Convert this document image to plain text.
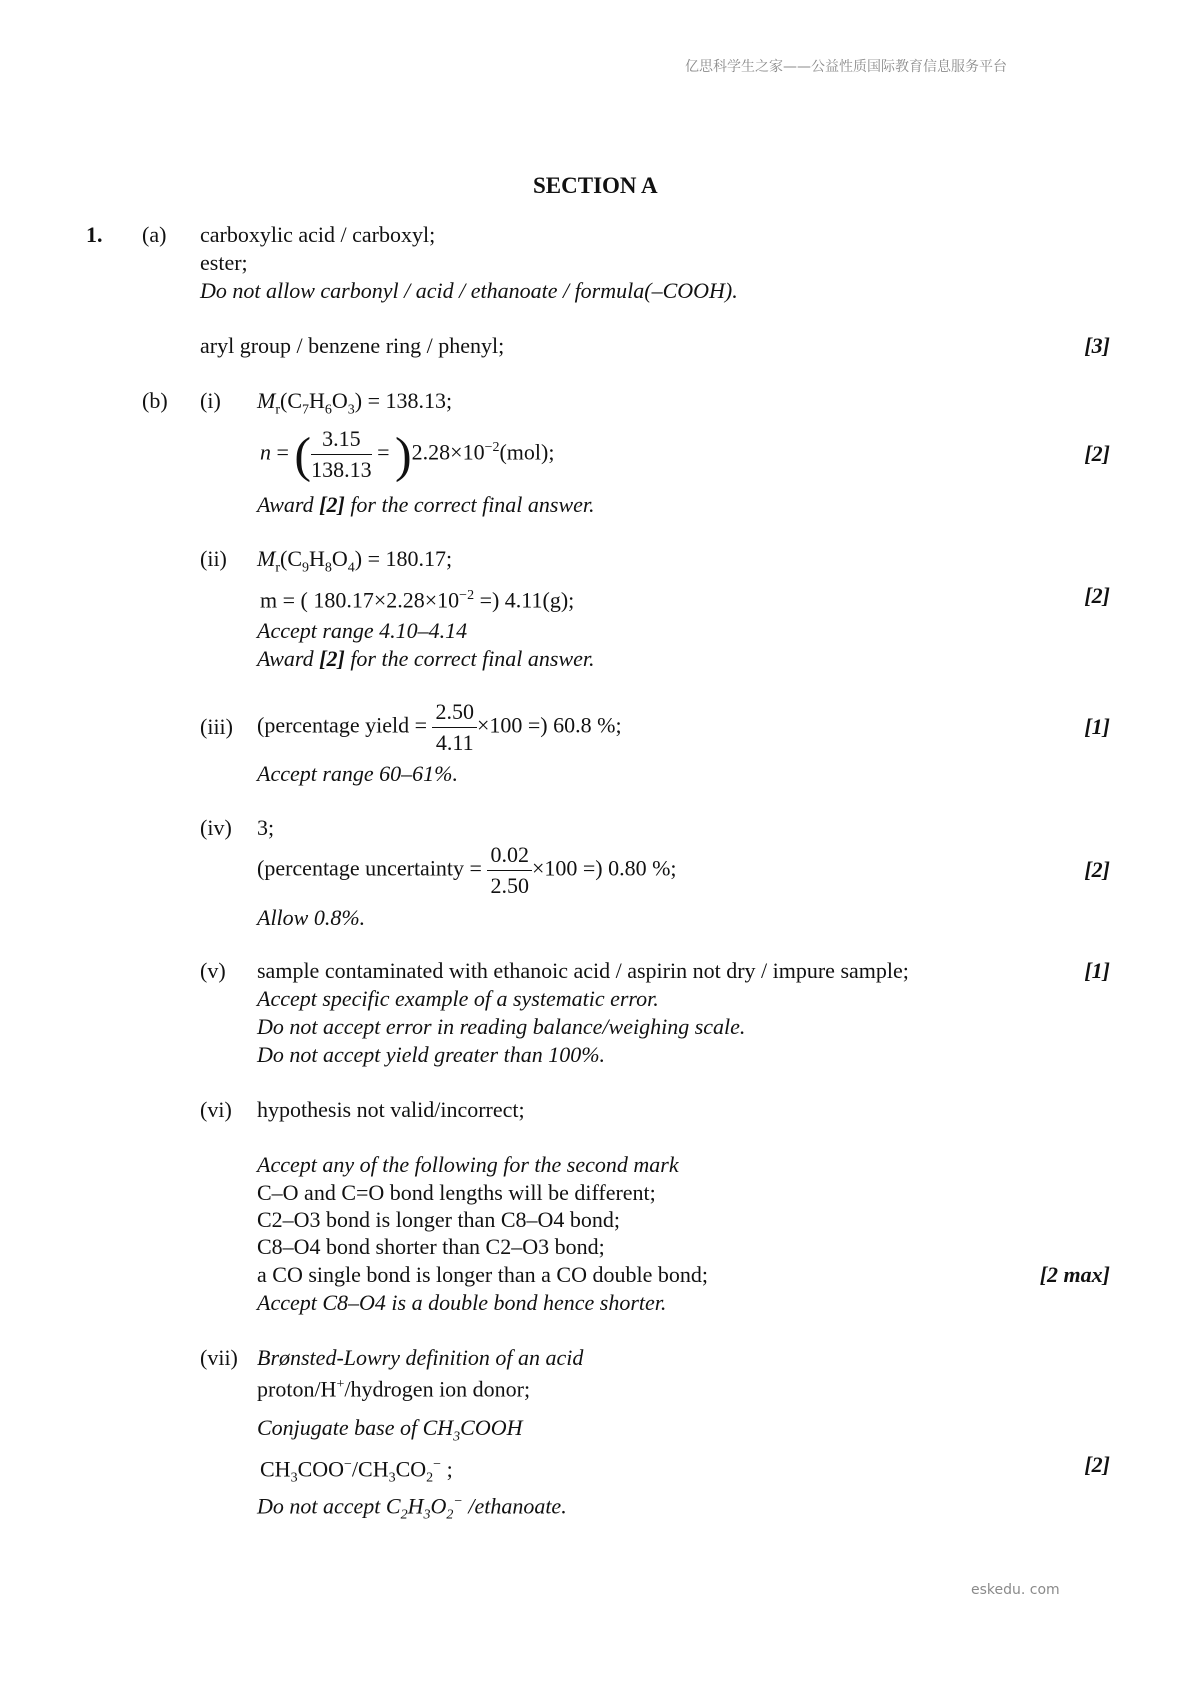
亿思科学生之家——公益性质国际教育信息服务平台
eskedu. com
SECTION A
1. (a) carboxylic acid / carboxyl;
ester;
Do not allow carbonyl / acid / ethanoate / formula(–COOH).
aryl group / benzene ring / phenyl;	[3]
(b) (i) $M_r(C_7H_6O_3) = 138.13$;
n = ( $\frac{3.15}{138.13} = )2.28\times 10^{-2}(mol)$;	[2]
Award [2] for the correct final answer.
(ii) $M_r(C_9H_8O_4) = 180.17$;
m = ( $180.17\times 2.28\times 10^{-2}$ =) 4.11(g);	[2]
Accept range 4.10–4.14
Award [2] for the correct final answer.
(iii) (percentage yield = $\frac{2.50}{4.11} \times 100$ =) 60.8 %;	[1]
Accept range 60–61%.
(iv) 3;
(percentage uncertainty = $\frac{0.02}{2.50} \times 100$ =) 0.80 %;	[2]
Allow 0.8%.
(v) sample contaminated with ethanoic acid / aspirin not dry / impure sample;	[1]
Accept specific example of a systematic error.
Do not accept error in reading balance/weighing scale.
Do not accept yield greater than 100%.
(vi) hypothesis not valid/incorrect;
Accept any of the following for the second mark
C–O and C=O bond lengths will be different;
C2–O3 bond is longer than C8–O4 bond;
C8–O4 bond shorter than C2–O3 bond;
a CO single bond is longer than a CO double bond;	[2 max]
Accept C8–O4 is a double bond hence shorter.
(vii) Brønsted-Lowry definition of an acid
proton/H+/hydrogen ion donor;
Conjugate base of $CH_3COOH$
$CH_3COO^-/CH_3CO_2^-$ ;	[2]
Do not accept $C_2H_3O_2^-$ /ethanoate.
